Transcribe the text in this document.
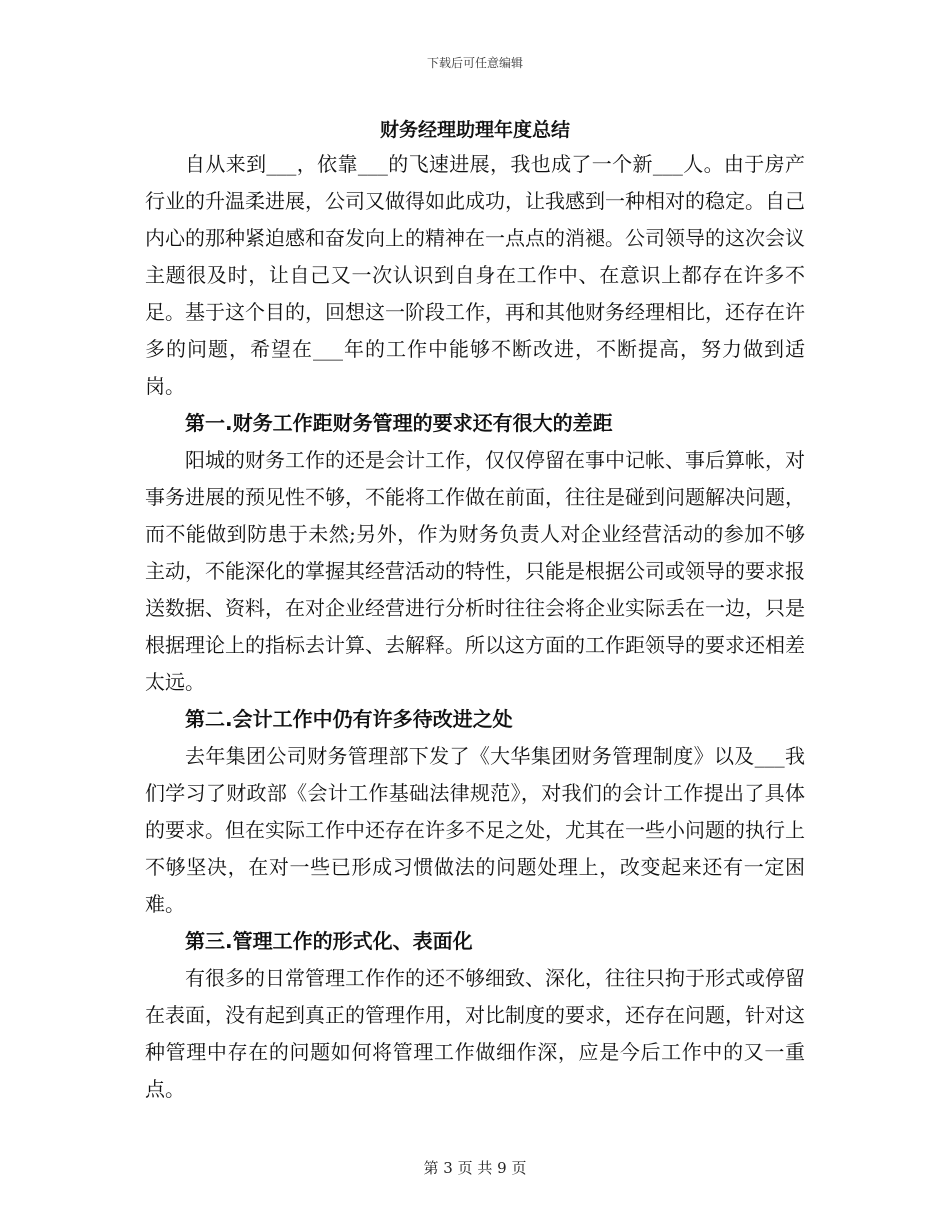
下载后可任意编辑
财务经理助理年度总结

自从来到___，依靠___的飞速进展，我也成了一个新___人。由于房产行业的升温柔进展，公司又做得如此成功，让我感到一种相对的稳定。自己内心的那种紧迫感和奋发向上的精神在一点点的消褪。公司领导的这次会议主题很及时，让自己又一次认识到自身在工作中、在意识上都存在许多不足。基于这个目的，回想这一阶段工作，再和其他财务经理相比，还存在许多的问题，希望在___年的工作中能够不断改进，不断提高，努力做到适岗。

第一.财务工作距财务管理的要求还有很大的差距

阳城的财务工作的还是会计工作，仅仅停留在事中记帐、事后算帐，对事务进展的预见性不够，不能将工作做在前面，往往是碰到问题解决问题，而不能做到防患于未然;另外，作为财务负责人对企业经营活动的参加不够主动，不能深化的掌握其经营活动的特性，只能是根据公司或领导的要求报送数据、资料，在对企业经营进行分析时往往会将企业实际丢在一边，只是根据理论上的指标去计算、去解释。所以这方面的工作距领导的要求还相差太远。

第二.会计工作中仍有许多待改进之处

去年集团公司财务管理部下发了《大华集团财务管理制度》以及___我们学习了财政部《会计工作基础法律规范》，对我们的会计工作提出了具体的要求。但在实际工作中还存在许多不足之处，尤其在一些小问题的执行上不够坚决，在对一些已形成习惯做法的问题处理上，改变起来还有一定困难。

第三.管理工作的形式化、表面化

有很多的日常管理工作作的还不够细致、深化，往往只拘于形式或停留在表面，没有起到真正的管理作用，对比制度的要求，还存在问题，针对这种管理中存在的问题如何将管理工作做细作深，应是今后工作中的又一重点。

第 3 页 共 9 页
